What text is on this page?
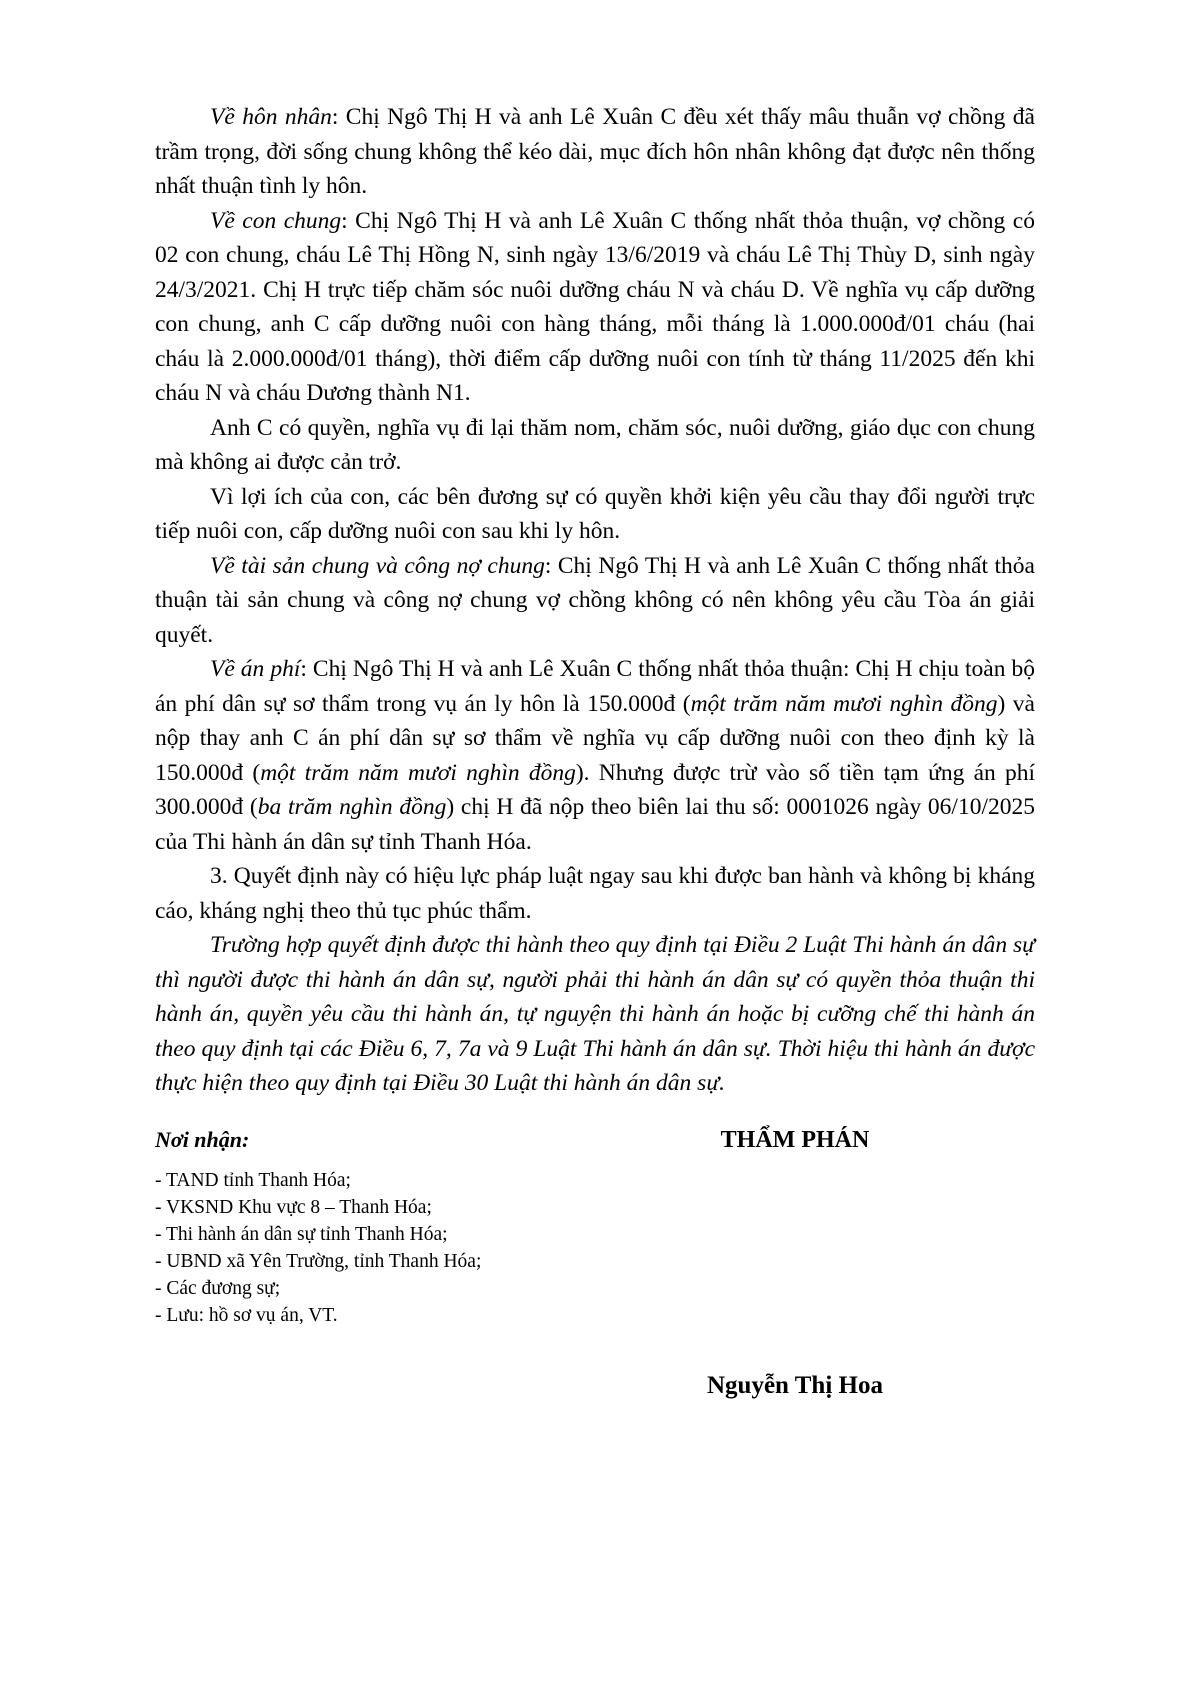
Về hôn nhân: Chị Ngô Thị H và anh Lê Xuân C đều xét thấy mâu thuẫn vợ chồng đã trầm trọng, đời sống chung không thể kéo dài, mục đích hôn nhân không đạt được nên thống nhất thuận tình ly hôn.

Về con chung: Chị Ngô Thị H và anh Lê Xuân C thống nhất thỏa thuận, vợ chồng có 02 con chung, cháu Lê Thị Hồng N, sinh ngày 13/6/2019 và cháu Lê Thị Thùy D, sinh ngày 24/3/2021. Chị H trực tiếp chăm sóc nuôi dưỡng cháu N và cháu D. Về nghĩa vụ cấp dưỡng con chung, anh C cấp dưỡng nuôi con hàng tháng, mỗi tháng là 1.000.000đ/01 cháu (hai cháu là 2.000.000đ/01 tháng), thời điểm cấp dưỡng nuôi con tính từ tháng 11/2025 đến khi cháu N và cháu Dương thành N1.

Anh C có quyền, nghĩa vụ đi lại thăm nom, chăm sóc, nuôi dưỡng, giáo dục con chung mà không ai được cản trở.

Vì lợi ích của con, các bên đương sự có quyền khởi kiện yêu cầu thay đổi người trực tiếp nuôi con, cấp dưỡng nuôi con sau khi ly hôn.

Về tài sản chung và công nợ chung: Chị Ngô Thị H và anh Lê Xuân C thống nhất thỏa thuận tài sản chung và công nợ chung vợ chồng không có nên không yêu cầu Tòa án giải quyết.

Về án phí: Chị Ngô Thị H và anh Lê Xuân C thống nhất thỏa thuận: Chị H chịu toàn bộ án phí dân sự sơ thẩm trong vụ án ly hôn là 150.000đ (một trăm năm mươi nghìn đồng) và nộp thay anh C án phí dân sự sơ thẩm về nghĩa vụ cấp dưỡng nuôi con theo định kỳ là 150.000đ (một trăm năm mươi nghìn đồng). Nhưng được trừ vào số tiền tạm ứng án phí 300.000đ (ba trăm nghìn đồng) chị H đã nộp theo biên lai thu số: 0001026 ngày 06/10/2025 của Thi hành án dân sự tỉnh Thanh Hóa.

3. Quyết định này có hiệu lực pháp luật ngay sau khi được ban hành và không bị kháng cáo, kháng nghị theo thủ tục phúc thẩm.

Trường hợp quyết định được thi hành theo quy định tại Điều 2 Luật Thi hành án dân sự thì người được thi hành án dân sự, người phải thi hành án dân sự có quyền thỏa thuận thi hành án, quyền yêu cầu thi hành án, tự nguyện thi hành án hoặc bị cưỡng chế thi hành án theo quy định tại các Điều 6, 7, 7a và 9 Luật Thi hành án dân sự. Thời hiệu thi hành án được thực hiện theo quy định tại Điều 30 Luật thi hành án dân sự.

Nơi nhận:
- TAND tỉnh Thanh Hóa;
- VKSND Khu vực 8 – Thanh Hóa;
- Thi hành án dân sự tỉnh Thanh Hóa;
- UBND xã Yên Trường, tỉnh Thanh Hóa;
- Các đương sự;
- Lưu: hồ sơ vụ án, VT.
THẨM PHÁN
Nguyễn Thị Hoa
